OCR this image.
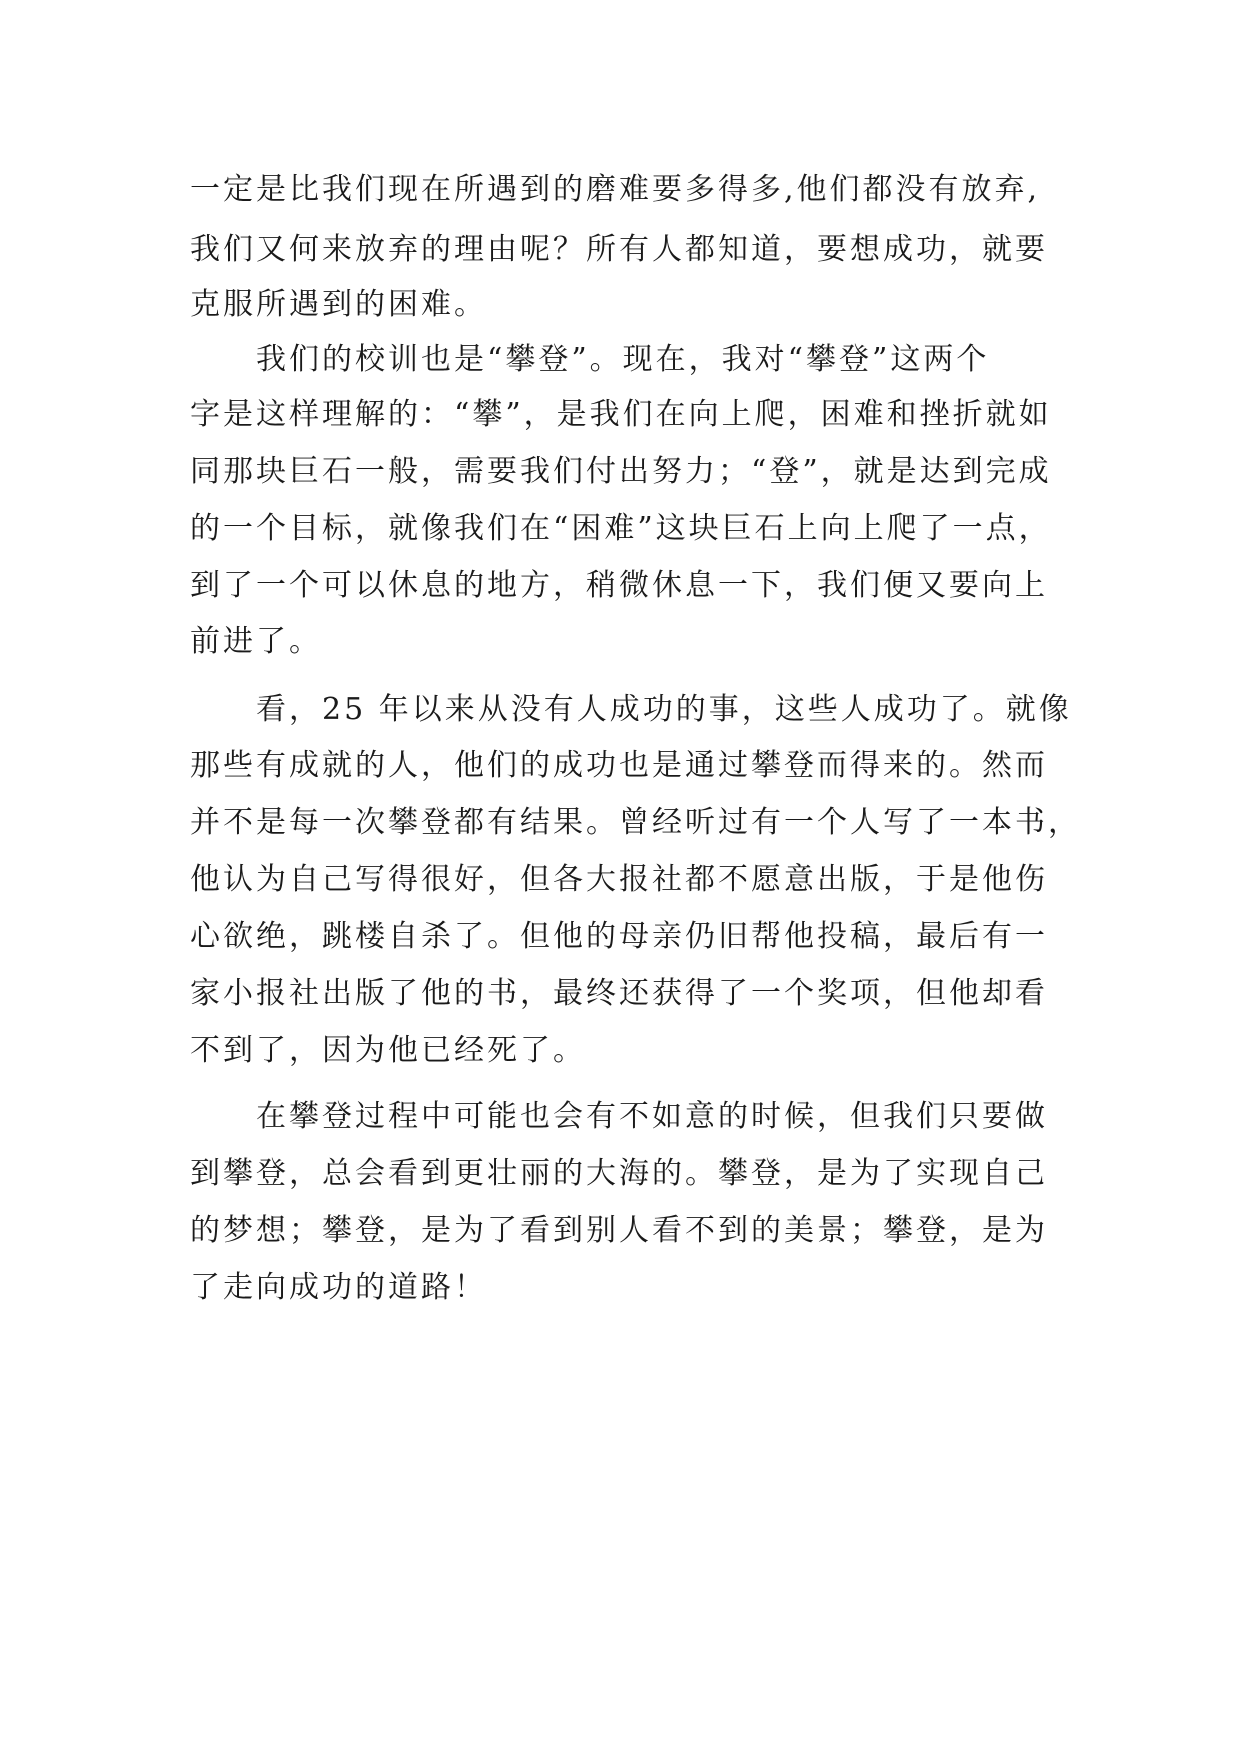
一定是比我们现在所遇到的磨难要多得多,他们都没有放弃,
我们又何来放弃的理由呢？所有人都知道，要想成功，就要
克服所遇到的困难。
我们的校训也是“攀登”。现在，我对“攀登”这两个
字是这样理解的：“攀”，是我们在向上爬，困难和挫折就如
同那块巨石一般，需要我们付出努力；“登”，就是达到完成
的一个目标，就像我们在“困难”这块巨石上向上爬了一点，
到了一个可以休息的地方，稍微休息一下，我们便又要向上
前进了。
看，25 年以来从没有人成功的事，这些人成功了。就像
那些有成就的人，他们的成功也是通过攀登而得来的。然而
并不是每一次攀登都有结果。曾经听过有一个人写了一本书，
他认为自己写得很好，但各大报社都不愿意出版，于是他伤
心欲绝，跳楼自杀了。但他的母亲仍旧帮他投稿，最后有一
家小报社出版了他的书，最终还获得了一个奖项，但他却看
不到了，因为他已经死了。
在攀登过程中可能也会有不如意的时候，但我们只要做
到攀登，总会看到更壮丽的大海的。攀登，是为了实现自己
的梦想；攀登，是为了看到别人看不到的美景；攀登，是为
了走向成功的道路！
